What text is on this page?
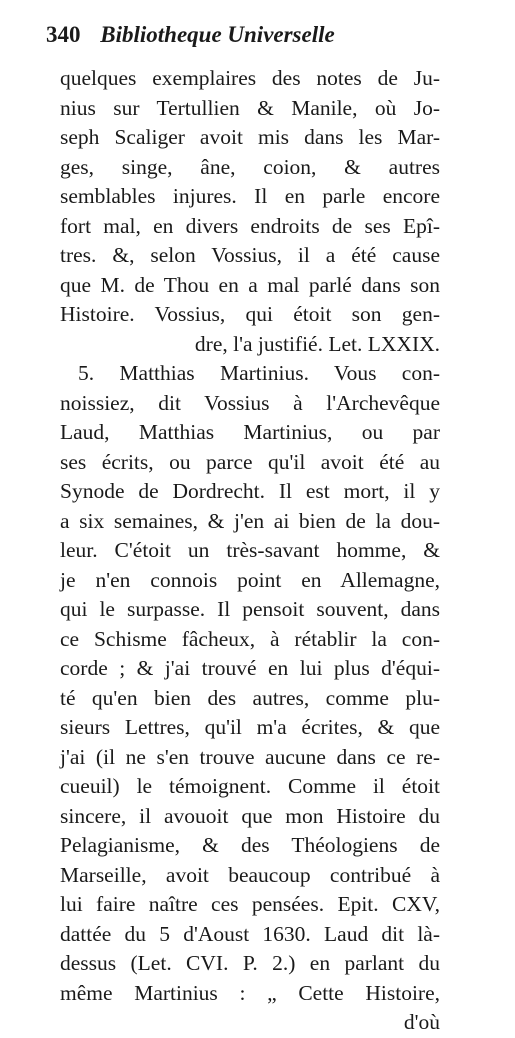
340 Bibliotheque Universelle
quelques exemplaires des notes de Ju-
nius sur Tertullien & Manile, où Jo-
seph Scaliger avoit mis dans les Mar-
ges, singe, âne, coion, & autres
semblables injures. Il en parle encore
fort mal, en divers endroits de ses Epî-
tres. &, selon Vossius, il a été cause
que M. de Thou en a mal parlé dans son
Histoire. Vossius, qui étoit son gen-
dre, l'a justifié. Let. LXXIX.
5. Matthias Martinius. Vous con-
noissiez, dit Vossius à l'Archevêque
Laud, Matthias Martinius, ou par
ses écrits, ou parce qu'il avoit été au
Synode de Dordrecht. Il est mort, il y
a six semaines, & j'en ai bien de la dou-
leur. C'étoit un très-savant homme, &
je n'en connois point en Allemagne,
qui le surpasse. Il pensoit souvent, dans
ce Schisme fâcheux, à rétablir la con-
corde ; & j'ai trouvé en lui plus d'équi-
té qu'en bien des autres, comme plu-
sieurs Lettres, qu'il m'a écrites, & que
j'ai (il ne s'en trouve aucune dans ce re-
cueuil) le témoignent. Comme il étoit
sincere, il avouoit que mon Histoire du
Pelagianisme, & des Théologiens de
Marseille, avoit beaucoup contribué à
lui faire naître ces pensées. Epit. CXV,
dattée du 5 d'Aoust 1630. Laud dit là-
dessus (Let. CVI. P. 2.) en parlant du
même Martinius : „ Cette Histoire,
d'où
